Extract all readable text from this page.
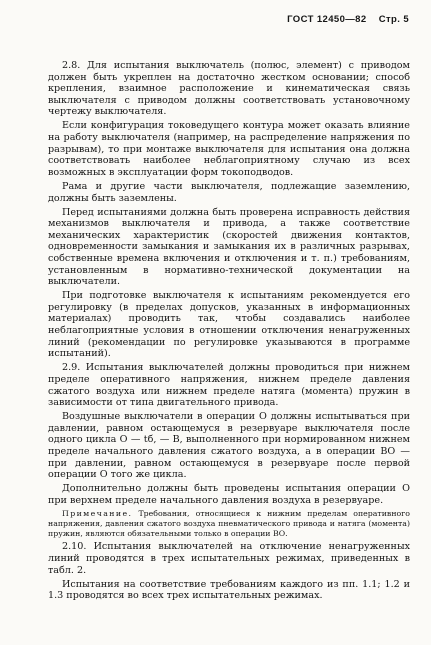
ГОСТ 12450—82 Стр. 5

2.8. Для испытания выключатель (полюс, элемент) с приводом должен быть укреплен на достаточно жестком основании; способ крепления, взаимное расположение и кинематическая связь выключателя с приводом должны соответствовать установочному чертежу выключателя.

Если конфигурация токоведущего контура может оказать влияние на работу выключателя (например, на распределение напряжения по разрывам), то при монтаже выключателя для испытания она должна соответствовать наиболее неблагоприятному случаю из всех возможных в эксплуатации форм токоподводов.

Рама и другие части выключателя, подлежащие заземлению, должны быть заземлены.

Перед испытаниями должна быть проверена исправность действия механизмов выключателя и привода, а также соответствие механических характеристик (скоростей движения контактов, одновременности замыкания и замыкания их в различных разрывах, собственные времена включения и отключения и т. п.) требованиям, установленным в нормативно-технической документации на выключатели.

При подготовке выключателя к испытаниям рекомендуется его регулировку (в пределах допусков, указанных в информационных материалах) проводить так, чтобы создавались наиболее неблагоприятные условия в отношении отключения ненагруженных линий (рекомендации по регулировке указываются в программе испытаний).

2.9. Испытания выключателей должны проводиться при нижнем пределе оперативного напряжения, нижнем пределе давления сжатого воздуха или нижнем пределе натяга (момента) пружин в зависимости от типа двигательного привода.

Воздушные выключатели в операции О должны испытываться при давлении, равном остающемуся в резервуаре выключателя после одного цикла О — tб, — В, выполненного при нормированном нижнем пределе начального давления сжатого воздуха, а в операции ВО — при давлении, равном остающемуся в резервуаре после первой операции О того же цикла.

Дополнительно должны быть проведены испытания операции О при верхнем пределе начального давления воздуха в резервуаре.

Примечание. Требования, относящиеся к нижним пределам оперативного напряжения, давления сжатого воздуха пневматического привода и натяга (момента) пружин, являются обязательными только в операции ВО.

2.10. Испытания выключателей на отключение ненагруженных линий проводятся в трех испытательных режимах, приведенных в табл. 2.

Испытания на соответствие требованиям каждого из пп. 1.1; 1.2 и 1.3 проводятся во всех трех испытательных режимах.
